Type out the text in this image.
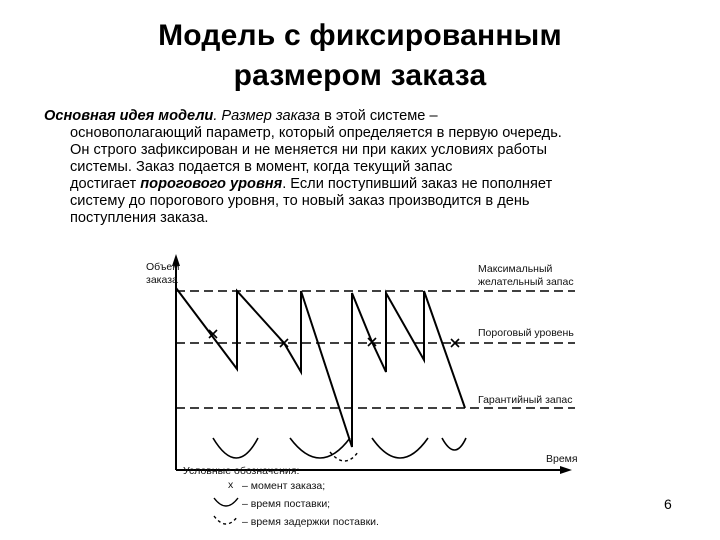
Модель с фиксированным
размером заказа
Основная идея модели. Размер заказа в этой системе –
основополагающий параметр, который определяется в первую очередь.
Он строго зафиксирован и не меняется ни при каких условиях работы
системы. Заказ подается в момент, когда текущий запас
достигает порогового уровня. Если поступивший заказ не пополняет
систему до порогового уровня, то новый заказ производится в день
поступления заказа.
Объем
заказа
Время
Максимальный
желательный запас
Пороговый уровень
Гарантийный запас
Условные обозначения:
x – момент заказа;
– время поставки;
– время задержки поставки.
6
